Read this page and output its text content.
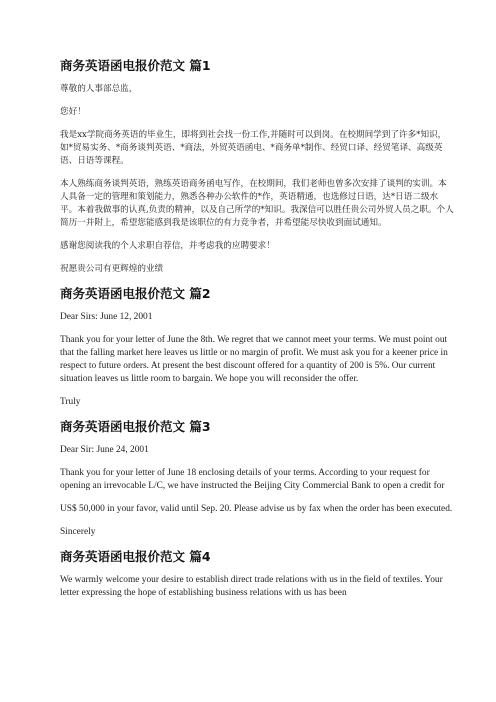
商务英语函电报价范文 篇1

尊敬的人事部总监，

您好！

我是xx学院商务英语的毕业生，即将到社会找一份工作,并随时可以到岗。在校期间学到了许多*知识，如*贸易实务、*商务谈判英语、*商法，外贸英语函电、*商务单*制作、经贸口译、经贸笔译、高级英语、日语等课程。

本人熟练商务谈判英语，熟练英语商务函电写作，在校期间，我们老师也曾多次安排了谈判的实训。本人具备一定的管理和策划能力，熟悉各种办公软件的*作，英语精通，也选修过日语，达*日语二级水平。本着我做事的认真,负责的精神，以及自己所学的*知识。我深信可以胜任贵公司外贸人员之职。个人简历一并附上，希望您能感到我是该职位的有力竞争者，并希望能尽快收到面试通知。

感谢您阅读我的个人求职自荐信，并考虑我的应聘要求！

祝愿贵公司有更辉煌的业绩

商务英语函电报价范文 篇2

Dear Sirs: June 12, 2001

Thank you for your letter of June the 8th. We regret that we cannot meet your terms. We must point out that the falling market here leaves us little or no margin of profit. We must ask you for a keener price in respect to future orders. At present the best discount offered for a quantity of 200 is 5%. Our current situation leaves us little room to bargain. We hope you will reconsider the offer.

Truly

商务英语函电报价范文 篇3

Dear Sir: June 24, 2001

Thank you for your letter of June 18 enclosing details of your terms. According to your request for opening an irrevocable L/C, we have instructed the Beijing City Commercial Bank to open a credit for

US$ 50,000 in your favor, valid until Sep. 20. Please advise us by fax when the order has been executed.

Sincerely

商务英语函电报价范文 篇4

We warmly welcome your desire to establish direct trade relations with us in the field of textiles. Your letter expressing the hope of establishing business relations with us has been
